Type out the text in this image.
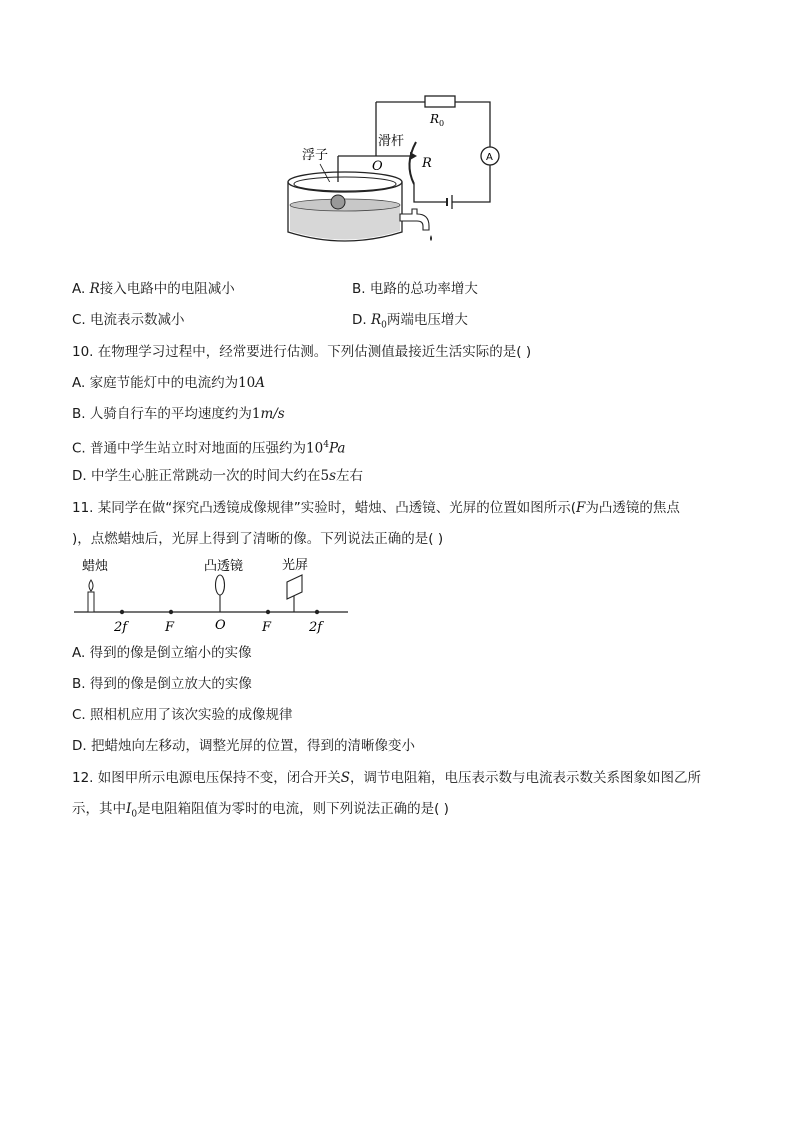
A
浮子
滑杆
O	R
$R_0$
A. R接入电路中的电阻减小	B. 电路的总功率增大
C. 电流表示数减小	D. $R_0$两端电压增大
10. 在物理学习过程中，经常要进行估测。下列估测值最接近生活实际的是( )
A. 家庭节能灯中的电流约为10A
B. 人骑自行车的平均速度约为1m/s
C. 普通中学生站立时对地面的压强约为$10^4Pa$
D. 中学生心脏正常跳动一次的时间大约在5s左右
11. 某同学在做“探究凸透镜成像规律”实验时，蜡烛、凸透镜、光屏的位置如图所示(F为凸透镜的焦点
)，点燃蜡烛后，光屏上得到了清晰的像。下列说法正确的是( )
蜡烛	凸透镜	光屏
2f	F	O	F	2f
A. 得到的像是倒立缩小的实像
B. 得到的像是倒立放大的实像
C. 照相机应用了该次实验的成像规律
D. 把蜡烛向左移动，调整光屏的位置，得到的清晰像变小
12. 如图甲所示电源电压保持不变，闭合开关S，调节电阻箱，电压表示数与电流表示数关系图象如图乙所
示，其中$I_0$是电阻箱阻值为零时的电流，则下列说法正确的是( )
